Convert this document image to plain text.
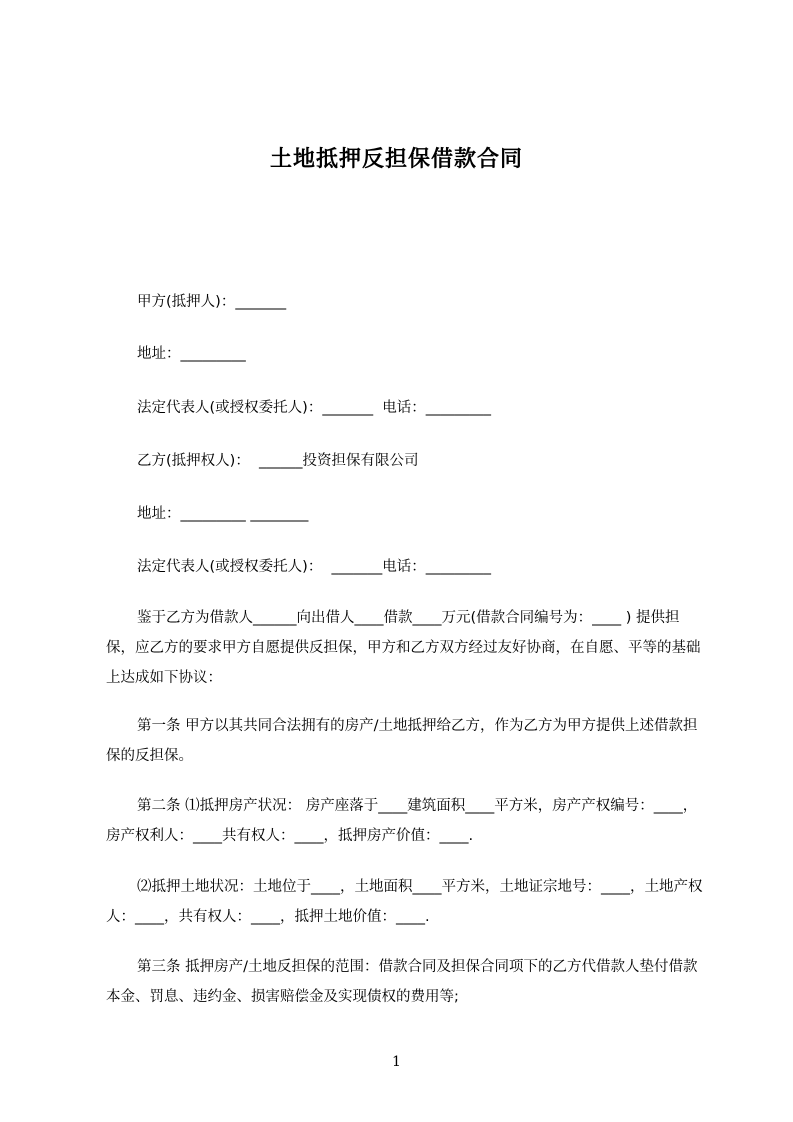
土地抵押反担保借款合同
甲方(抵押人)：_______
地址：_________
法定代表人(或授权委托人)：_______  电话：_________
乙方(抵押权人)：  ______投资担保有限公司
地址：_________ ________
法定代表人(或授权委托人)：  _______电话：_________
鉴于乙方为借款人______向出借人____借款____万元(借款合同编号为：____ ) 提供担保，应乙方的要求甲方自愿提供反担保，甲方和乙方双方经过友好协商，在自愿、平等的基础上达成如下协议：
第一条 甲方以其共同合法拥有的房产/土地抵押给乙方，作为乙方为甲方提供上述借款担保的反担保。
第二条 ⑴抵押房产状况： 房产座落于____建筑面积____平方米，房产产权编号：____，房产权利人：____共有权人：____，抵押房产价值：____.
⑵抵押土地状况：土地位于____，土地面积____平方米，土地证宗地号：____，土地产权人：____，共有权人：____，抵押土地价值：____.
第三条 抵押房产/土地反担保的范围：借款合同及担保合同项下的乙方代借款人垫付借款本金、罚息、违约金、损害赔偿金及实现债权的费用等;
1
